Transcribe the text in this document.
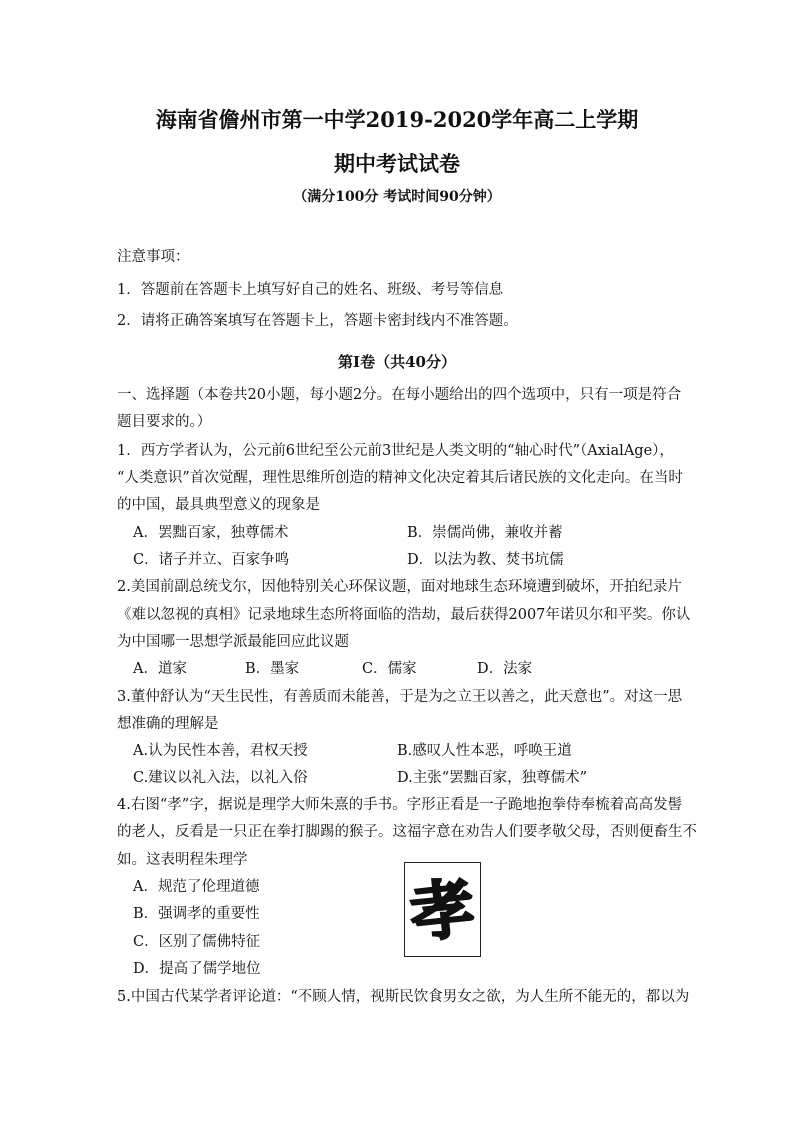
海南省儋州市第一中学2019-2020学年高二上学期
期中考试试卷
（满分100分 考试时间90分钟）
注意事项：
1．答题前在答题卡上填写好自己的姓名、班级、考号等信息
2．请将正确答案填写在答题卡上，答题卡密封线内不准答题。
第I卷（共40分）
一、选择题（本卷共20小题，每小题2分。在每小题给出的四个选项中，只有一项是符合
题目要求的。）
1．西方学者认为，公元前6世纪至公元前3世纪是人类文明的“轴心时代”（AxialAge），
“人类意识”首次觉醒，理性思维所创造的精神文化决定着其后诸民族的文化走向。在当时
的中国，最具典型意义的现象是
A．罢黜百家，独尊儒术	B．崇儒尚佛，兼收并蓄
C．诸子并立、百家争鸣	D．以法为教、焚书坑儒
2.美国前副总统戈尔，因他特别关心环保议题，面对地球生态环境遭到破坏，开拍纪录片
《难以忽视的真相》记录地球生态所将面临的浩劫，最后获得2007年诺贝尔和平奖。你认
为中国哪一思想学派最能回应此议题
A．道家	B．墨家	C．儒家	D．法家
3.董仲舒认为“天生民性，有善质而未能善，于是为之立王以善之，此天意也”。对这一思
想准确的理解是
A.认为民性本善，君权天授	B.感叹人性本恶，呼唤王道
C.建议以礼入法，以礼入俗	D.主张“罢黜百家，独尊儒术”
4.右图“孝”字，据说是理学大师朱熹的手书。字形正看是一子跪地抱拳侍奉梳着高高发髻
的老人，反看是一只正在拳打脚踢的猴子。这福字意在劝告人们要孝敬父母，否则便畜生不
如。这表明程朱理学
A．规范了伦理道德
B．强调孝的重要性
C．区别了儒佛特征
D．提高了儒学地位
孝
5.中国古代某学者评论道：“不顾人情，视斯民饮食男女之欲，为人生所不能无的，都以为
